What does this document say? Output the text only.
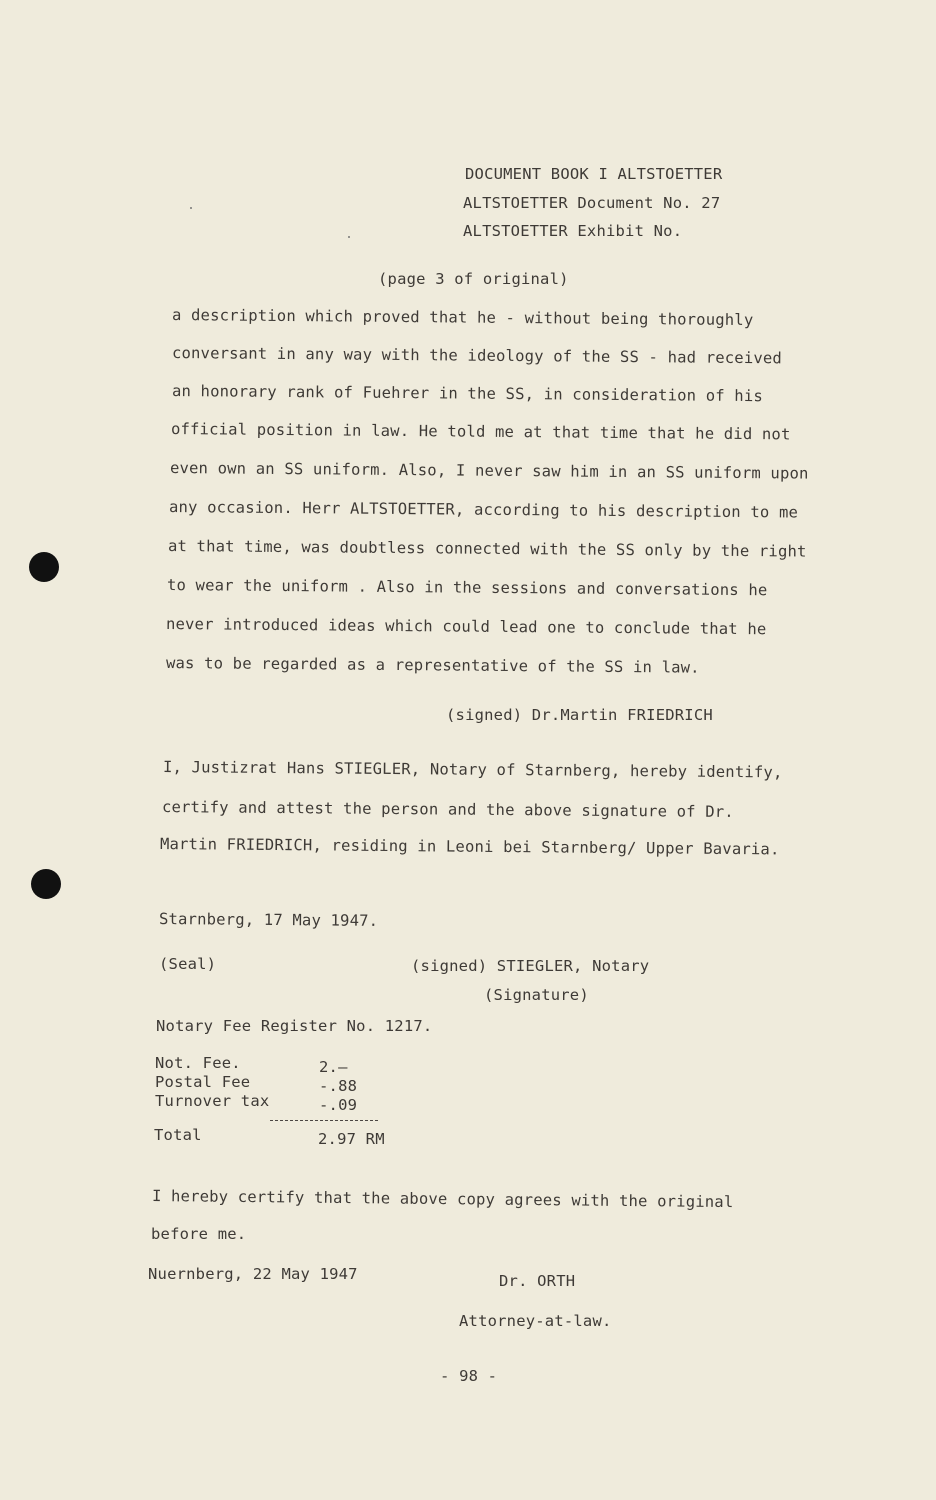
DOCUMENT BOOK I ALTSTOETTER
ALTSTOETTER Document No. 27
ALTSTOETTER Exhibit No.
(page 3 of original)
a description which proved that he - without being thoroughly
conversant in any way with the ideology of the SS - had received
an honorary rank of Fuehrer in the SS, in consideration of his
official position in law. He told me at that time that he did not
even own an SS uniform. Also, I never saw him in an SS uniform upon
any occasion. Herr ALTSTOETTER, according to his description to me
at that time, was doubtless connected with the SS only by the right
to wear the uniform . Also in the sessions and conversations he
never introduced ideas which could lead one to conclude that he
was to be regarded as a representative of the SS in law.
(signed) Dr.Martin FRIEDRICH
I, Justizrat Hans STIEGLER, Notary of Starnberg, hereby identify,
certify and attest the person and the above signature of Dr.
Martin FRIEDRICH, residing in Leoni bei Starnberg/ Upper Bavaria.
Starnberg, 17 May 1947.
(Seal)	(signed) STIEGLER, Notary
(Signature)
Notary Fee Register No. 1217.
Not. Fee.	2.—
Postal Fee	-.88
Turnover tax	-.09
Total	2.97 RM
I hereby certify that the above copy agrees with the original
before me.
Nuernberg, 22 May 1947	Dr. ORTH
Attorney-at-law.
- 98 -
